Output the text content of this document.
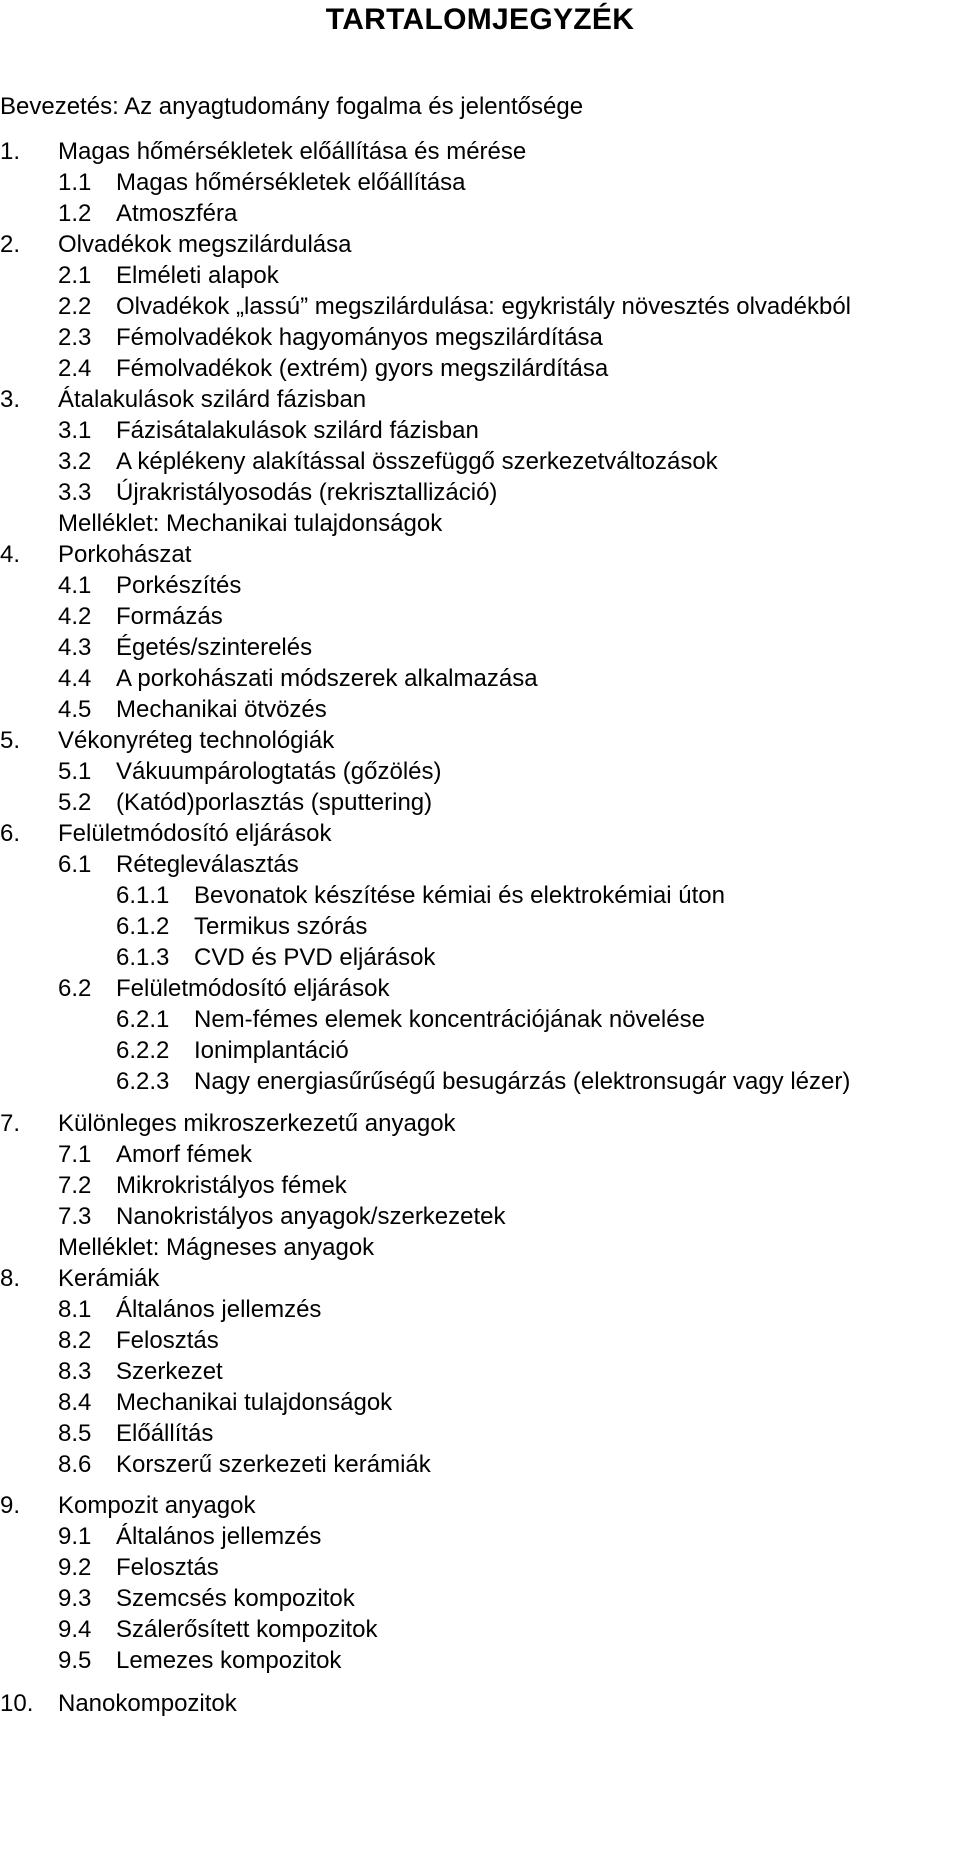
TARTALOMJEGYZÉK
Bevezetés: Az anyagtudomány fogalma és jelentősége
1. Magas hőmérsékletek előállítása és mérése
1.1 Magas hőmérsékletek előállítása
1.2 Atmoszféra
2. Olvadékok megszilárdulása
2.1 Elméleti alapok
2.2 Olvadékok „lassú” megszilárdulása: egykristály növesztés olvadékból
2.3 Fémolvadékok hagyományos megszilárdítása
2.4 Fémolvadékok (extrém) gyors megszilárdítása
3. Átalakulások szilárd fázisban
3.1 Fázisátalakulások szilárd fázisban
3.2 A képlékeny alakítással összefüggő szerkezetváltozások
3.3 Újrakristályosodás (rekrisztallizáció)
Melléklet: Mechanikai tulajdonságok
4. Porkohászat
4.1 Porkészítés
4.2 Formázás
4.3 Égetés/szinterelés
4.4 A porkohászati módszerek alkalmazása
4.5 Mechanikai ötvözés
5. Vékonyréteg technológiák
5.1 Vákuumpárologtatás (gőzölés)
5.2 (Katód)porlasztás (sputtering)
6. Felületmódosító eljárások
6.1 Rétegleválasztás
6.1.1 Bevonatok készítése kémiai és elektrokémiai úton
6.1.2 Termikus szórás
6.1.3 CVD és PVD eljárások
6.2 Felületmódosító eljárások
6.2.1 Nem-fémes elemek koncentrációjának növelése
6.2.2 Ionimplantáció
6.2.3 Nagy energiasűrűségű besugárzás (elektronsugár vagy lézer)
7. Különleges mikroszerkezetű anyagok
7.1 Amorf fémek
7.2 Mikrokristályos fémek
7.3 Nanokristályos anyagok/szerkezetek
Melléklet: Mágneses anyagok
8. Kerámiák
8.1 Általános jellemzés
8.2 Felosztás
8.3 Szerkezet
8.4 Mechanikai tulajdonságok
8.5 Előállítás
8.6 Korszerű szerkezeti kerámiák
9. Kompozit anyagok
9.1 Általános jellemzés
9.2 Felosztás
9.3 Szemcsés kompozitok
9.4 Szálerősített kompozitok
9.5 Lemezes kompozitok
10. Nanokompozitok
